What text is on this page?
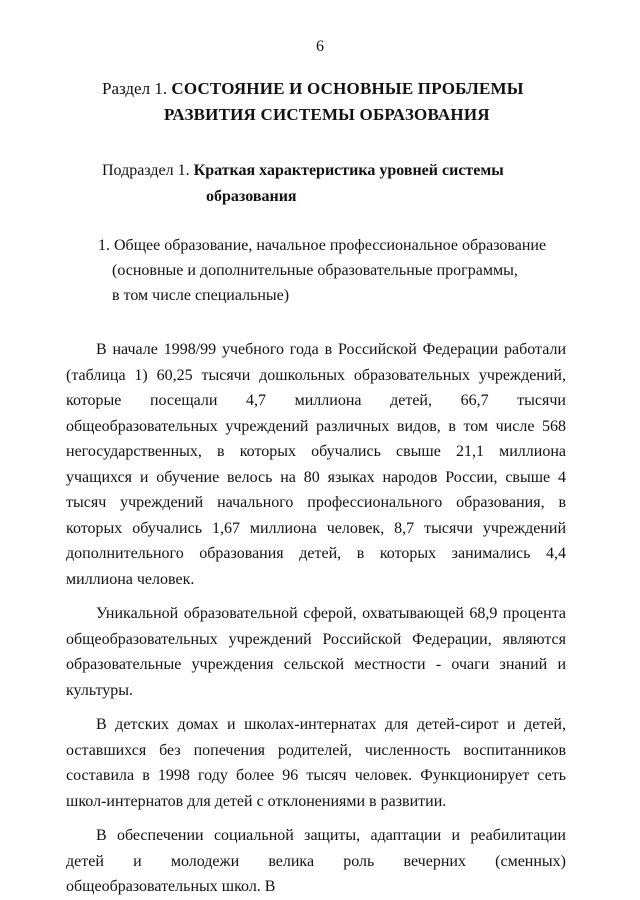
6
Раздел 1. СОСТОЯНИЕ И ОСНОВНЫЕ ПРОБЛЕМЫ
РАЗВИТИЯ СИСТЕМЫ ОБРАЗОВАНИЯ
Подраздел 1. Краткая характеристика уровней системы
образования
1. Общее образование, начальное профессиональное образование
(основные и дополнительные образовательные программы,
в том числе специальные)

В начале 1998/99 учебного года в Российской Федерации работали (таблица 1) 60,25 тысячи дошкольных образовательных учреждений, которые посещали 4,7 миллиона детей, 66,7 тысячи общеобразовательных учреждений различных видов, в том числе 568 негосударственных, в которых обучались свыше 21,1 миллиона учащихся и обучение велось на 80 языках народов России, свыше 4 тысяч учреждений начального профессионального образования, в которых обучались 1,67 миллиона человек, 8,7 тысячи учреждений дополнительного образования детей, в которых занимались 4,4 миллиона человек.

Уникальной образовательной сферой, охватывающей 68,9 процента общеобразовательных учреждений Российской Федерации, являются образовательные учреждения сельской местности - очаги знаний и культуры.

В детских домах и школах-интернатах для детей-сирот и детей, оставшихся без попечения родителей, численность воспитанников составила в 1998 году более 96 тысяч человек. Функционирует сеть школ-интернатов для детей с отклонениями в развитии.

В обеспечении социальной защиты, адаптации и реабилитации детей и молодежи велика роль вечерних (сменных) общеобразовательных школ. В
